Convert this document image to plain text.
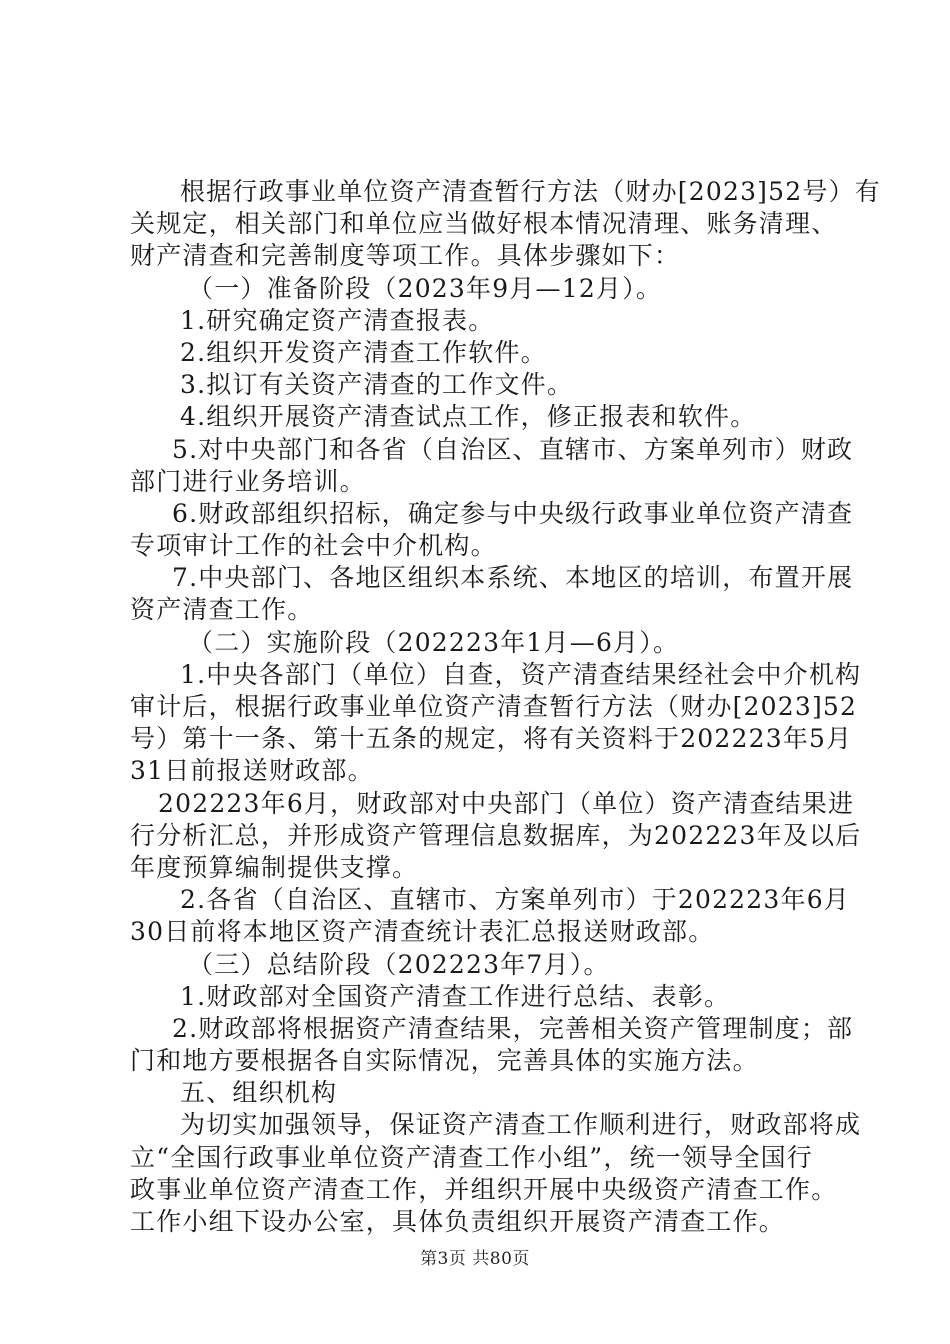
根据行政事业单位资产清查暂行方法（财办[2023]52号）有
关规定，相关部门和单位应当做好根本情况清理、账务清理、
财产清查和完善制度等项工作。具体步骤如下：
（一）准备阶段（2023年9月—12月）。
1.研究确定资产清查报表。
2.组织开发资产清查工作软件。
3.拟订有关资产清查的工作文件。
4.组织开展资产清查试点工作，修正报表和软件。
5.对中央部门和各省（自治区、直辖市、方案单列市）财政
部门进行业务培训。
6.财政部组织招标，确定参与中央级行政事业单位资产清查
专项审计工作的社会中介机构。
7.中央部门、各地区组织本系统、本地区的培训，布置开展
资产清查工作。
（二）实施阶段（202223年1月—6月）。
1.中央各部门（单位）自查，资产清查结果经社会中介机构
审计后，根据行政事业单位资产清查暂行方法（财办[2023]52
号）第十一条、第十五条的规定，将有关资料于202223年5月
31日前报送财政部。
202223年6月，财政部对中央部门（单位）资产清查结果进
行分析汇总，并形成资产管理信息数据库，为202223年及以后
年度预算编制提供支撑。
2.各省（自治区、直辖市、方案单列市）于202223年6月
30日前将本地区资产清查统计表汇总报送财政部。
（三）总结阶段（202223年7月）。
1.财政部对全国资产清查工作进行总结、表彰。
2.财政部将根据资产清查结果，完善相关资产管理制度；部
门和地方要根据各自实际情况，完善具体的实施方法。
五、组织机构
为切实加强领导，保证资产清查工作顺利进行，财政部将成
立“全国行政事业单位资产清查工作小组”，统一领导全国行
政事业单位资产清查工作，并组织开展中央级资产清查工作。
工作小组下设办公室，具体负责组织开展资产清查工作。
第3页 共80页
